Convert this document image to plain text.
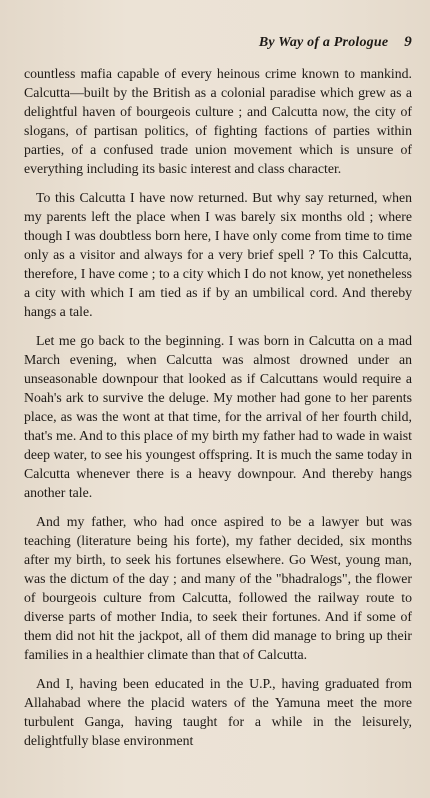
By Way of a Prologue 9

countless mafia capable of every heinous crime known to mankind. Calcutta—built by the British as a colonial paradise which grew as a delightful haven of bourgeois culture ; and Calcutta now, the city of slogans, of partisan politics, of fighting factions of parties within parties, of a confused trade union movement which is unsure of everything including its basic interest and class character.

To this Calcutta I have now returned. But why say returned, when my parents left the place when I was barely six months old ; where though I was doubtless born here, I have only come from time to time only as a visitor and always for a very brief spell ? To this Calcutta, therefore, I have come ; to a city which I do not know, yet nonetheless a city with which I am tied as if by an umbilical cord. And thereby hangs a tale.

Let me go back to the beginning. I was born in Calcutta on a mad March evening, when Calcutta was almost drowned under an unseasonable downpour that looked as if Calcuttans would require a Noah's ark to survive the deluge. My mother had gone to her parents place, as was the wont at that time, for the arrival of her fourth child, that's me. And to this place of my birth my father had to wade in waist deep water, to see his youngest offspring. It is much the same today in Calcutta whenever there is a heavy downpour. And thereby hangs another tale.

And my father, who had once aspired to be a lawyer but was teaching (literature being his forte), my father decided, six months after my birth, to seek his fortunes elsewhere. Go West, young man, was the dictum of the day ; and many of the "bhadralogs", the flower of bourgeois culture from Calcutta, followed the railway route to diverse parts of mother India, to seek their fortunes. And if some of them did not hit the jackpot, all of them did manage to bring up their families in a healthier climate than that of Calcutta.

And I, having been educated in the U.P., having graduated from Allahabad where the placid waters of the Yamuna meet the more turbulent Ganga, having taught for a while in the leisurely, delightfully blase environment
